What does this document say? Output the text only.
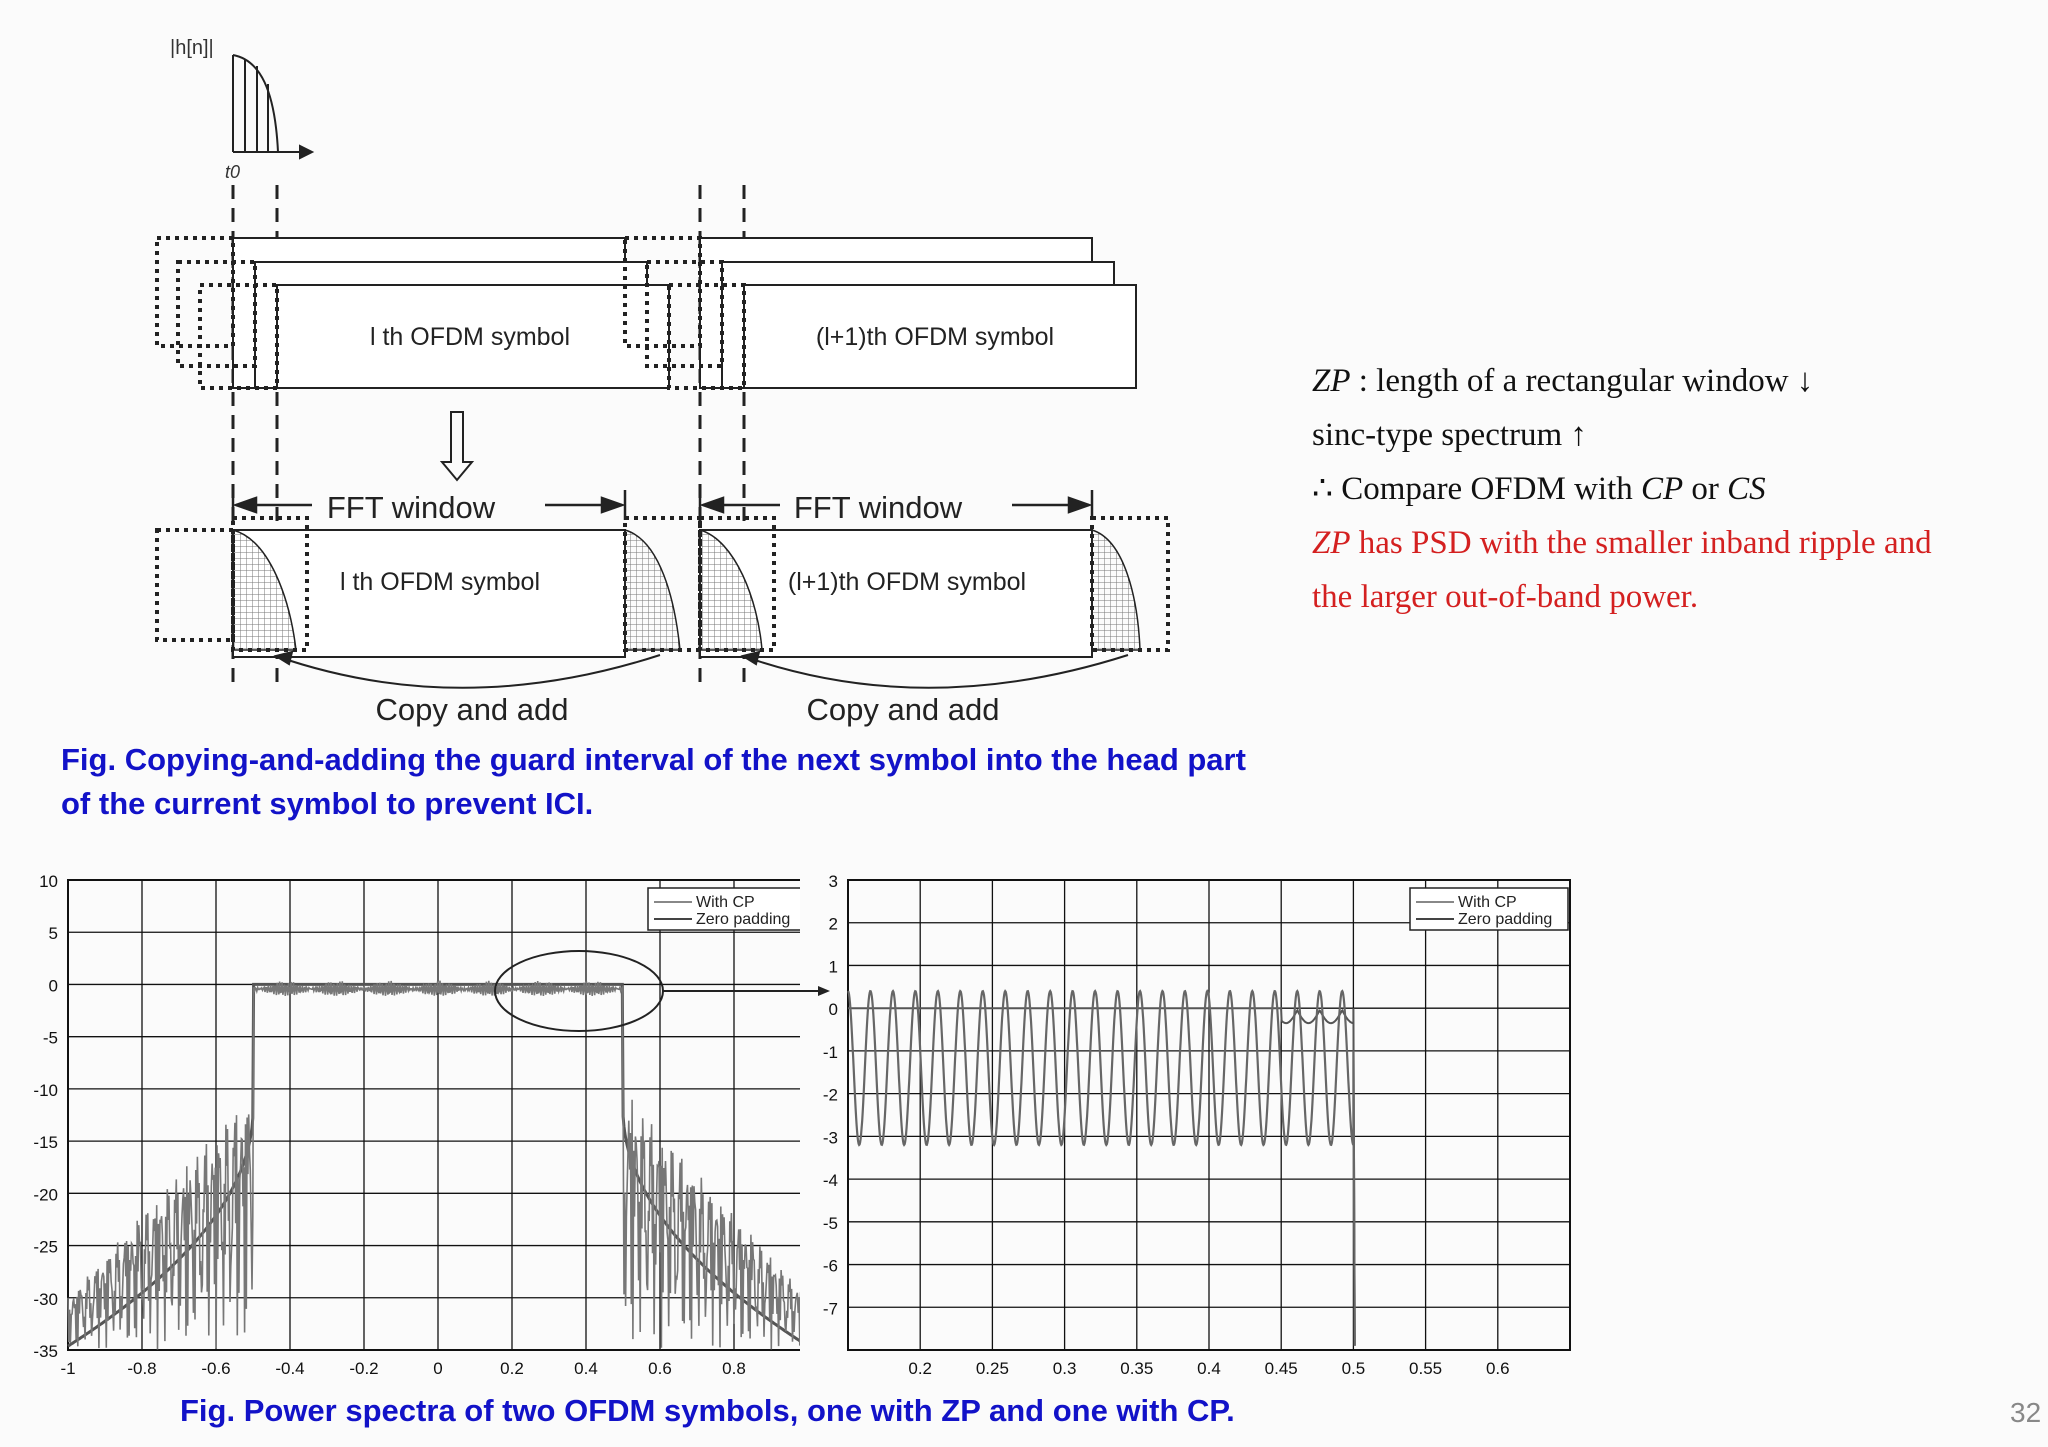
|h[n]|
t0
l th OFDM symbol	(l+1)th OFDM symbol
FFT window	FFT window
l th OFDM symbol	(l+1)th OFDM symbol
Copy and add	Copy and add
Fig. Copying-and-adding the guard interval of the next symbol into the head part
of the current symbol to prevent ICI.
ZP : length of a rectangular window ↓
sinc-type spectrum ↑
∴ Compare OFDM with CP or CS
ZP has PSD with the smaller inband ripple and
the larger out-of-band power.
10
5
0
-5
-10
-15
-20
-25
-30
-35
-1	-0.8	-0.6	-0.4	-0.2	0	0.2	0.4	0.6	0.8
With CP
Zero padding
3
2
1
0
-1
-2
-3
-4
-5
-6
-7
0.2	0.25	0.3	0.35	0.4	0.45	0.5	0.55	0.6
With CP
Zero padding
Fig. Power spectra of two OFDM symbols, one with ZP and one with CP.	32
